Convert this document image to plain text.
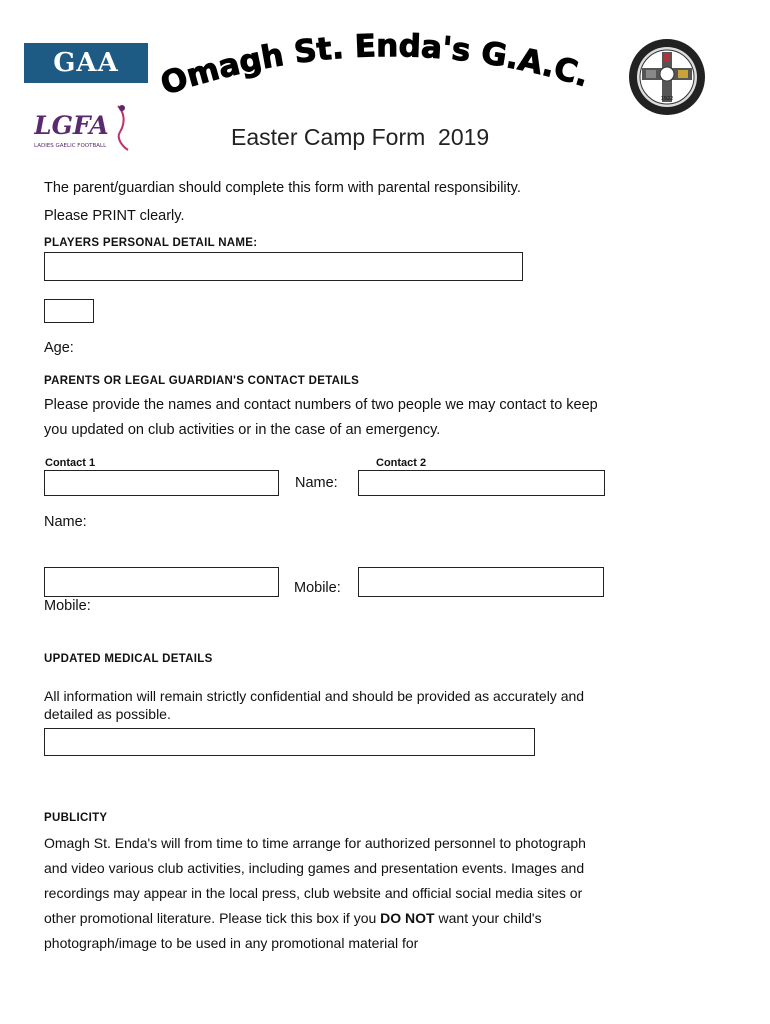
GAA Omagh St. Enda's G.A.C.
1922
LGFA
LADIES GAELIC FOOTBALL	Easter Camp Form  2019
The parent/guardian should complete this form with parental responsibility.
Please PRINT clearly.
PLAYERS PERSONAL DETAIL NAME:
Age:
PARENTS OR LEGAL GUARDIAN'S CONTACT DETAILS
Please provide the names and contact numbers of two people we may contact to keep
you updated on club activities or in the case of an emergency.
Contact 1	Contact 2
Name:
Name:
Mobile:
Mobile:
UPDATED MEDICAL DETAILS
All information will remain strictly confidential and should be provided as accurately and
detailed as possible.
PUBLICITY
Omagh St. Enda's will from time to time arrange for authorized personnel to photograph
and video various club activities, including games and presentation events. Images and
recordings may appear in the local press, club website and official social media sites or
other promotional literature. Please tick this box if you DO NOT want your child's
photograph/image to be used in any promotional material for
